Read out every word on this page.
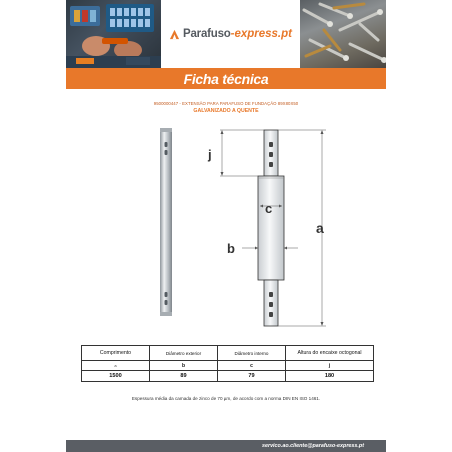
Parafuso -express.pt
Ficha técnica
9500000447 - EXTENSÃO PARA PARAFUSO DE FUNDAÇÃO 89X80X50
GALVANIZADO A QUENTE
j
c
b
a
Comprimento	Diâmetro exterior	Diâmetro interno	Altura do encaixe octogonal
a	b	c	j
1500	89	79	180
Espessura média da camada de zinco de 70 µm, de acordo com a norma DIN EN ISO 1461.
servico.ao.cliente@parafuso-express.pt
